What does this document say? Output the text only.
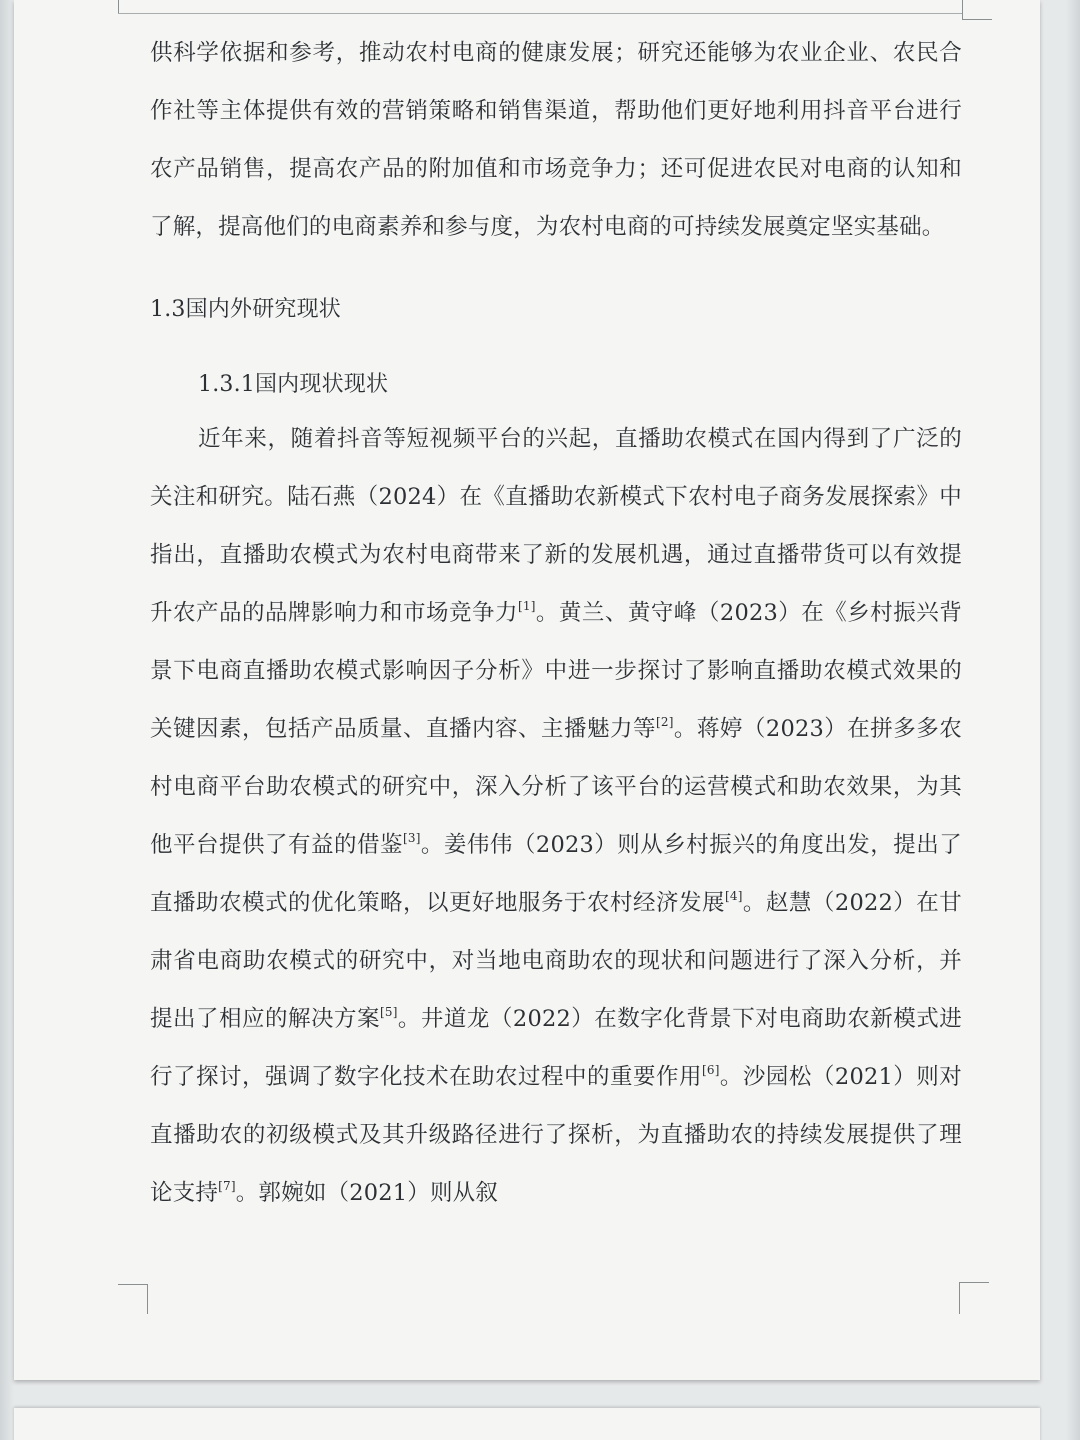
供科学依据和参考，推动农村电商的健康发展；研究还能够为农业企业、农民合作社等主体提供有效的营销策略和销售渠道，帮助他们更好地利用抖音平台进行农产品销售，提高农产品的附加值和市场竞争力；还可促进农民对电商的认知和了解，提高他们的电商素养和参与度，为农村电商的可持续发展奠定坚实基础。

1.3国内外研究现状

1.3.1国内现状现状

近年来，随着抖音等短视频平台的兴起，直播助农模式在国内得到了广泛的关注和研究。陆石燕（2024）在《直播助农新模式下农村电子商务发展探索》中指出，直播助农模式为农村电商带来了新的发展机遇，通过直播带货可以有效提升农产品的品牌影响力和市场竞争力[1]。黄兰、黄守峰（2023）在《乡村振兴背景下电商直播助农模式影响因子分析》中进一步探讨了影响直播助农模式效果的关键因素，包括产品质量、直播内容、主播魅力等[2]。蒋婷（2023）在拼多多农村电商平台助农模式的研究中，深入分析了该平台的运营模式和助农效果，为其他平台提供了有益的借鉴[3]。姜伟伟（2023）则从乡村振兴的角度出发，提出了直播助农模式的优化策略，以更好地服务于农村经济发展[4]。赵慧（2022）在甘肃省电商助农模式的研究中，对当地电商助农的现状和问题进行了深入分析，并提出了相应的解决方案[5]。井道龙（2022）在数字化背景下对电商助农新模式进行了探讨，强调了数字化技术在助农过程中的重要作用[6]。沙园松（2021）则对直播助农的初级模式及其升级路径进行了探析，为直播助农的持续发展提供了理论支持[7]。郭婉如（2021）则从叙
